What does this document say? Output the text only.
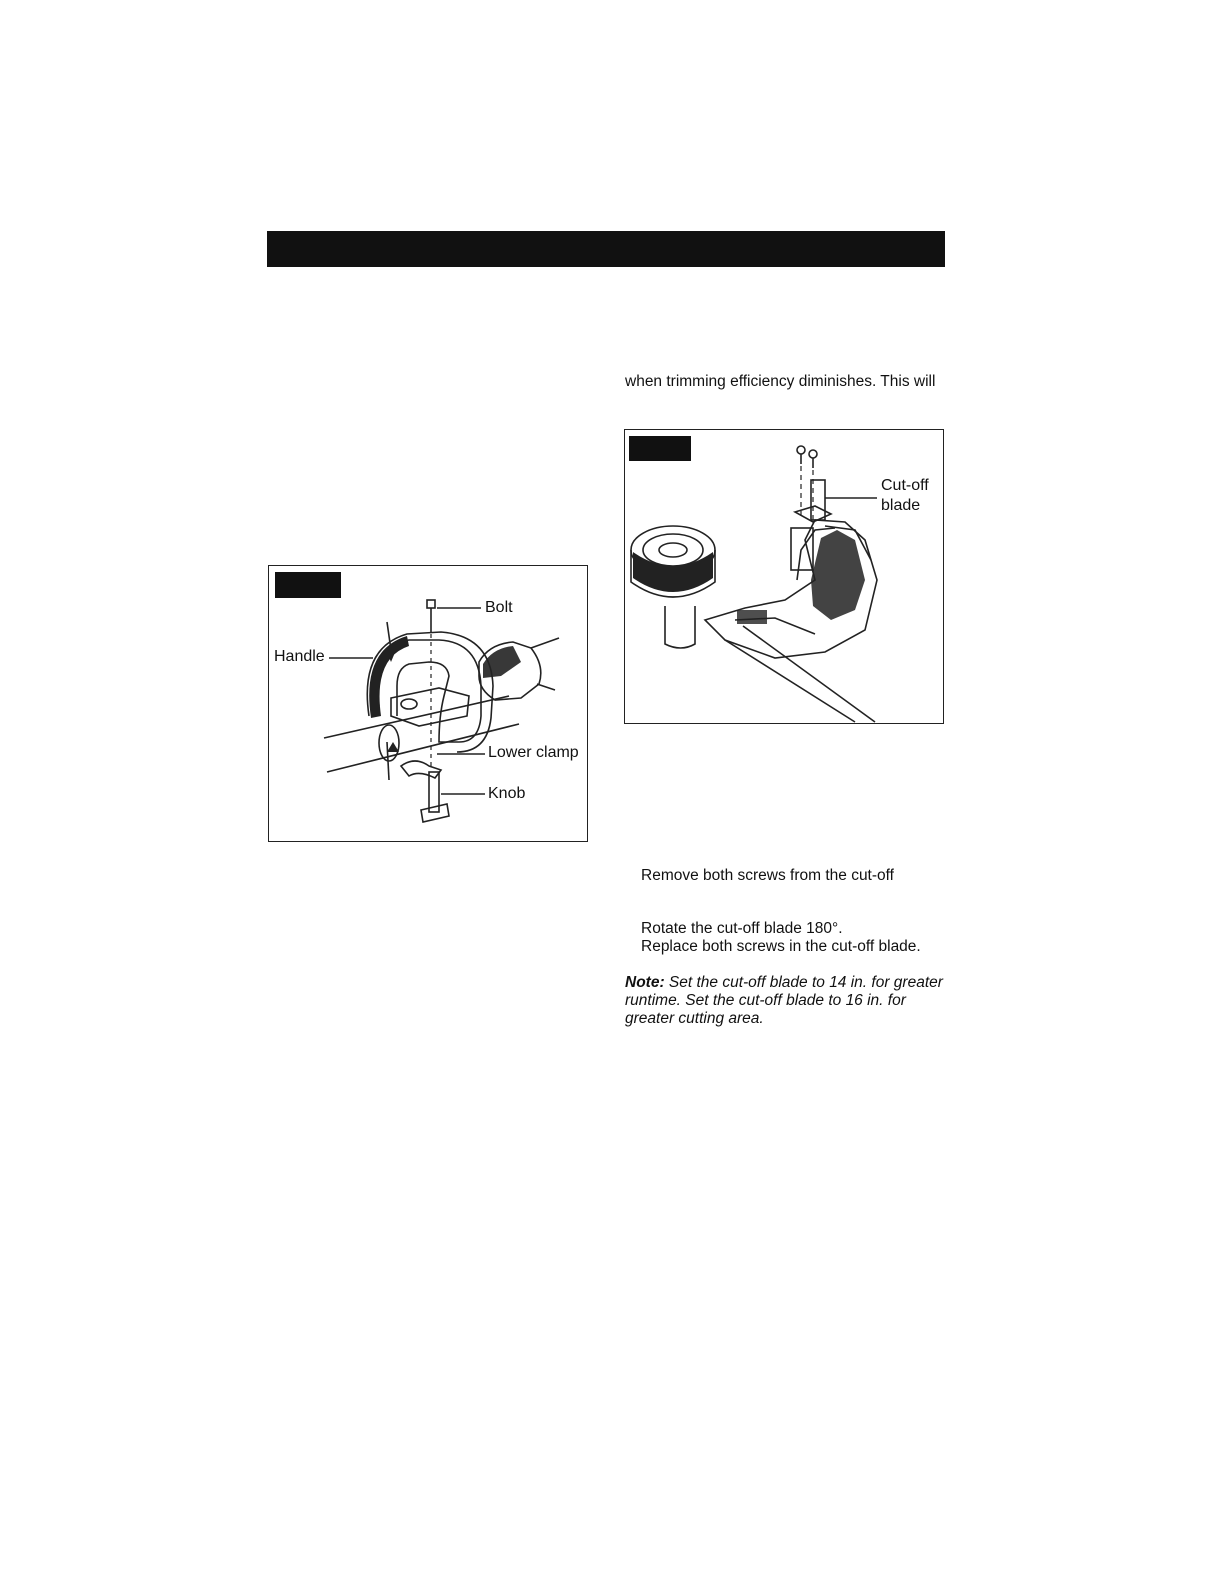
when trimming efficiency diminishes. This will
Cut-off
blade
Bolt
Handle
Lower clamp
Knob
Remove both screws from the cut-off
Rotate the cut-off blade 180°.
Replace both screws in the cut-off blade.
Note: Set the cut-off blade to 14 in. for greater runtime. Set the cut-off blade to 16 in. for greater cutting area.
